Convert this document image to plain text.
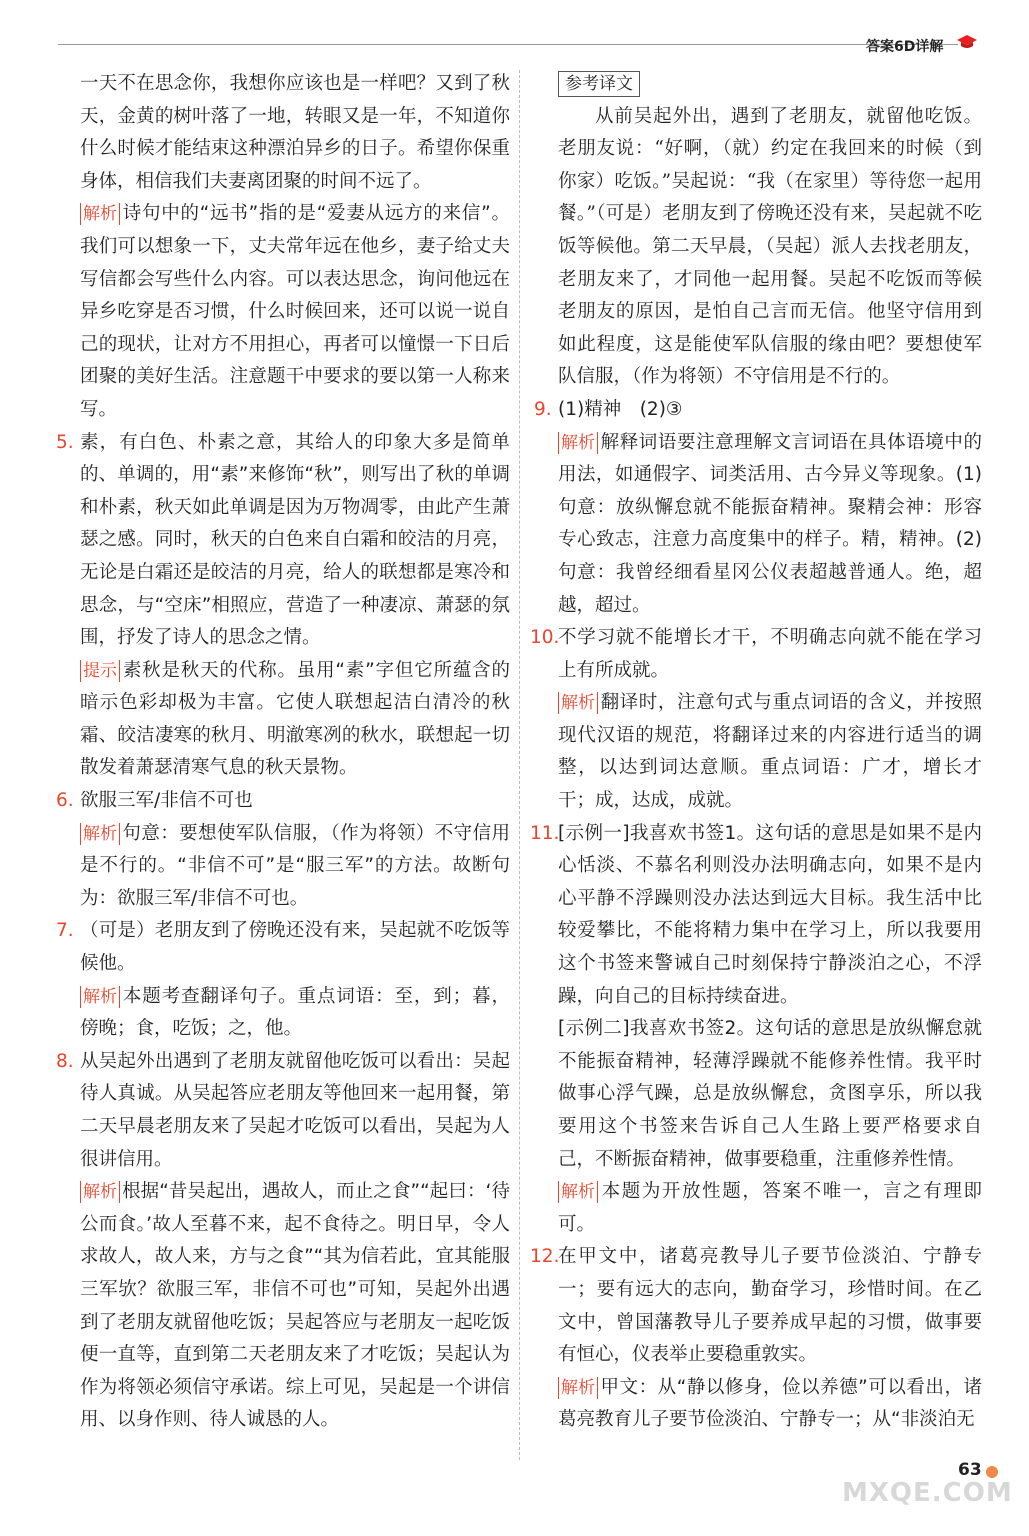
答案6D详解

一天不在思念你，我想你应该也是一样吧？又到了秋天，金黄的树叶落了一地，转眼又是一年，不知道你什么时候才能结束这种漂泊异乡的日子。希望你保重身体，相信我们夫妻离团聚的时间不远了。

解析 诗句中的“远书”指的是“爱妻从远方的来信”。我们可以想象一下，丈夫常年远在他乡，妻子给丈夫写信都会写些什么内容。可以表达思念，询问他远在异乡吃穿是否习惯，什么时候回来，还可以说一说自己的现状，让对方不用担心，再者可以憧憬一下日后团聚的美好生活。注意题干中要求的要以第一人称来写。

5. 素，有白色、朴素之意，其给人的印象大多是简单的、单调的，用“素”来修饰“秋”，则写出了秋的单调和朴素，秋天如此单调是因为万物凋零，由此产生萧瑟之感。同时，秋天的白色来自白霜和皎洁的月亮，无论是白霜还是皎洁的月亮，给人的联想都是寒冷和思念，与“空床”相照应，营造了一种凄凉、萧瑟的氛围，抒发了诗人的思念之情。

提示 素秋是秋天的代称。虽用“素”字但它所蕴含的暗示色彩却极为丰富。它使人联想起洁白清冷的秋霜、皎洁凄寒的秋月、明澈寒冽的秋水，联想起一切散发着萧瑟清寒气息的秋天景物。

6. 欲服三军/非信不可也

解析 句意：要想使军队信服，（作为将领）不守信用是不行的。“非信不可”是“服三军”的方法。故断句为：欲服三军/非信不可也。

7. （可是）老朋友到了傍晚还没有来，吴起就不吃饭等候他。

解析 本题考查翻译句子。重点词语：至，到；暮，傍晚；食，吃饭；之，他。

8. 从吴起外出遇到了老朋友就留他吃饭可以看出：吴起待人真诚。从吴起答应老朋友等他回来一起用餐，第二天早晨老朋友来了吴起才吃饭可以看出，吴起为人很讲信用。

解析 根据“昔吴起出，遇故人，而止之食”“起曰：‘待公而食。’故人至暮不来，起不食待之。明日早，令人求故人，故人来，方与之食”“其为信若此，宜其能服三军欤？欲服三军，非信不可也”可知，吴起外出遇到了老朋友就留他吃饭；吴起答应与老朋友一起吃饭便一直等，直到第二天老朋友来了才吃饭；吴起认为作为将领必须信守承诺。综上可见，吴起是一个讲信用、以身作则、待人诚恳的人。

参考译文

从前吴起外出，遇到了老朋友，就留他吃饭。老朋友说：“好啊，（就）约定在我回来的时候（到你家）吃饭。”吴起说：“我（在家里）等待您一起用餐。”（可是）老朋友到了傍晚还没有来，吴起就不吃饭等候他。第二天早晨，（吴起）派人去找老朋友，老朋友来了，才同他一起用餐。吴起不吃饭而等候老朋友的原因，是怕自己言而无信。他坚守信用到如此程度，这是能使军队信服的缘由吧？要想使军队信服，（作为将领）不守信用是不行的。

9. (1)精神　(2)③

解析 解释词语要注意理解文言词语在具体语境中的用法，如通假字、词类活用、古今异义等现象。(1)句意：放纵懈怠就不能振奋精神。聚精会神：形容专心致志，注意力高度集中的样子。精，精神。(2)句意：我曾经细看星冈公仪表超越普通人。绝，超越，超过。

10.

不学习就不能增长才干，不明确志向就不能在学习上有所成就。

解析 翻译时，注意句式与重点词语的含义，并按照现代汉语的规范，将翻译过来的内容进行适当的调整，以达到词达意顺。重点词语：广才，增长才干；成，达成，成就。

11.

[示例一]我喜欢书签1。这句话的意思是如果不是内心恬淡、不慕名利则没办法明确志向，如果不是内心平静不浮躁则没办法达到远大目标。我生活中比较爱攀比，不能将精力集中在学习上，所以我要用这个书签来警诫自己时刻保持宁静淡泊之心，不浮躁，向自己的目标持续奋进。

[示例二]我喜欢书签2。这句话的意思是放纵懈怠就不能振奋精神，轻薄浮躁就不能修养性情。我平时做事心浮气躁，总是放纵懈怠，贪图享乐，所以我要用这个书签来告诉自己人生路上要严格要求自己，不断振奋精神，做事要稳重，注重修养性情。

解析 本题为开放性题，答案不唯一，言之有理即可。

12.

在甲文中，诸葛亮教导儿子要节俭淡泊、宁静专一；要有远大的志向，勤奋学习，珍惜时间。在乙文中，曾国藩教导儿子要养成早起的习惯，做事要有恒心，仪表举止要稳重敦实。

解析 甲文：从“静以修身，俭以养德”可以看出，诸葛亮教育儿子要节俭淡泊、宁静专一；从“非淡泊无

MXQE.COM
63
